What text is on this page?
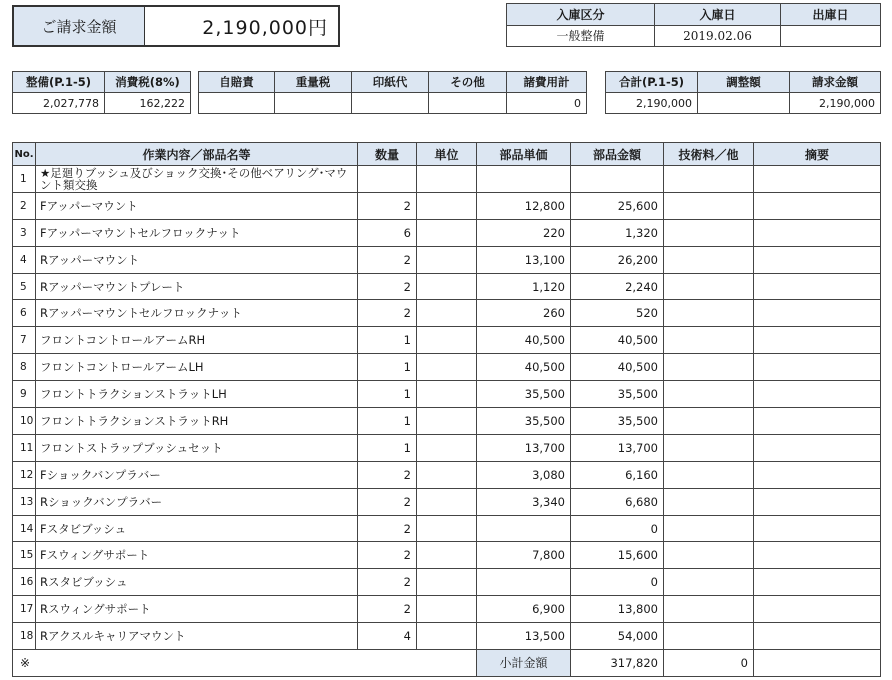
ご請求金額	2,190,000円
入庫区分	入庫日	出庫日
一般整備	2019.02.06	
整備(P.1-5)	消費税(8%)
2,027,778	162,222
自賠責	重量税	印紙代	その他	諸費用計
				0
合計(P.1-5)	調整額	請求金額
2,190,000		2,190,000
No.	作業内容／部品名等	数量	単位	部品単価	部品金額	技術料／他	摘要
1	★足廻りブッシュ及びショック交換･その他ベアリング･マウント類交換						
2	Fアッパーマウント	2		12,800	25,600		
3	Fアッパーマウントセルフロックナット	6		220	1,320		
4	Rアッパーマウント	2		13,100	26,200		
5	Rアッパーマウントプレート	2		1,120	2,240		
6	Rアッパーマウントセルフロックナット	2		260	520		
7	フロントコントロールアームRH	1		40,500	40,500		
8	フロントコントロールアームLH	1		40,500	40,500		
9	フロントトラクションストラットLH	1		35,500	35,500		
10	フロントトラクションストラットRH	1		35,500	35,500		
11	フロントストラップブッシュセット	1		13,700	13,700		
12	Fショックバンプラバー	2		3,080	6,160		
13	Rショックバンプラバー	2		3,340	6,680		
14	Fスタビブッシュ	2			0		
15	Fスウィングサポート	2		7,800	15,600		
16	Rスタビブッシュ	2			0		
17	Rスウィングサポート	2		6,900	13,800		
18	Rアクスルキャリアマウント	4		13,500	54,000		
※				小計金額	317,820	0	
